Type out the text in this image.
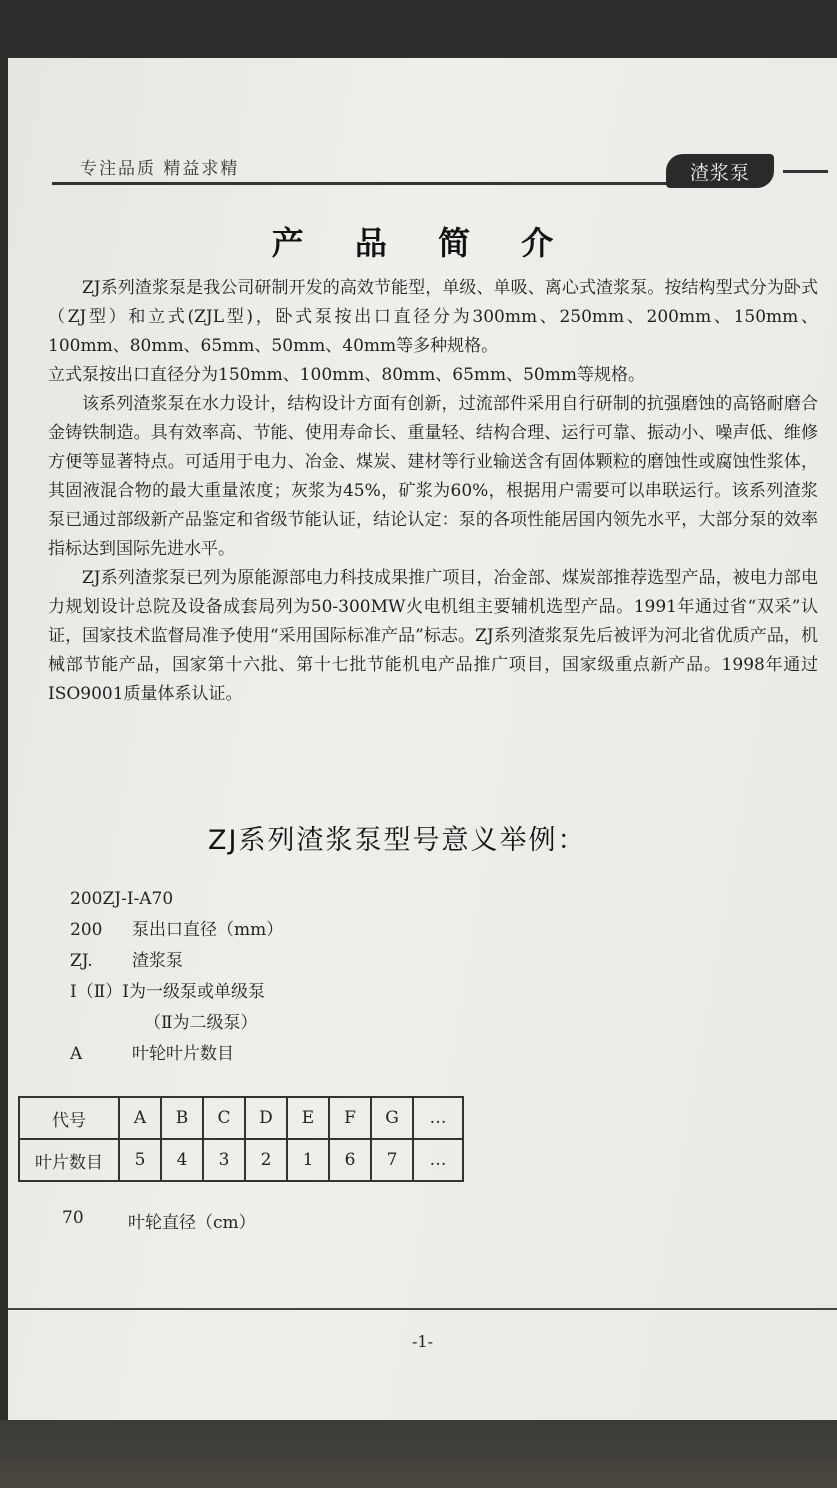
专注品质 精益求精	渣浆泵
产 品 简 介

ZJ系列渣浆泵是我公司研制开发的高效节能型，单级、单吸、离心式渣浆泵。按结构型式分为卧式（ZJ型）和立式(ZJL型)，卧式泵按出口直径分为300mm、250mm、200mm、150mm、100mm、80mm、65mm、50mm、40mm等多种规格。

立式泵按出口直径分为150mm、100mm、80mm、65mm、50mm等规格。

该系列渣浆泵在水力设计，结构设计方面有创新，过流部件采用自行研制的抗强磨蚀的高铬耐磨合金铸铁制造。具有效率高、节能、使用寿命长、重量轻、结构合理、运行可靠、振动小、噪声低、维修方便等显著特点。可适用于电力、冶金、煤炭、建材等行业输送含有固体颗粒的磨蚀性或腐蚀性浆体，其固液混合物的最大重量浓度；灰浆为45%，矿浆为60%，根据用户需要可以串联运行。该系列渣浆泵已通过部级新产品鉴定和省级节能认证，结论认定：泵的各项性能居国内领先水平，大部分泵的效率指标达到国际先进水平。

ZJ系列渣浆泵已列为原能源部电力科技成果推广项目，冶金部、煤炭部推荐选型产品，被电力部电力规划设计总院及设备成套局列为50-300MW火电机组主要辅机选型产品。1991年通过省“双采”认证，国家技术监督局准予使用“采用国际标准产品”标志。ZJ系列渣浆泵先后被评为河北省优质产品，机械部节能产品，国家第十六批、第十七批节能机电产品推广项目，国家级重点新产品。1998年通过ISO9001质量体系认证。

ZJ系列渣浆泵型号意义举例：
200ZJ-I-A70
200	泵出口直径（mm）
ZJ.	渣浆泵
I（Ⅱ） I为一级泵或单级泵
（Ⅱ为二级泵）
A	叶轮叶片数目
代号	A	B	C	D	E	F	G	…
叶片数目	5	4	3	2	1	6	7	…
70	叶轮直径（cm）
-1-
